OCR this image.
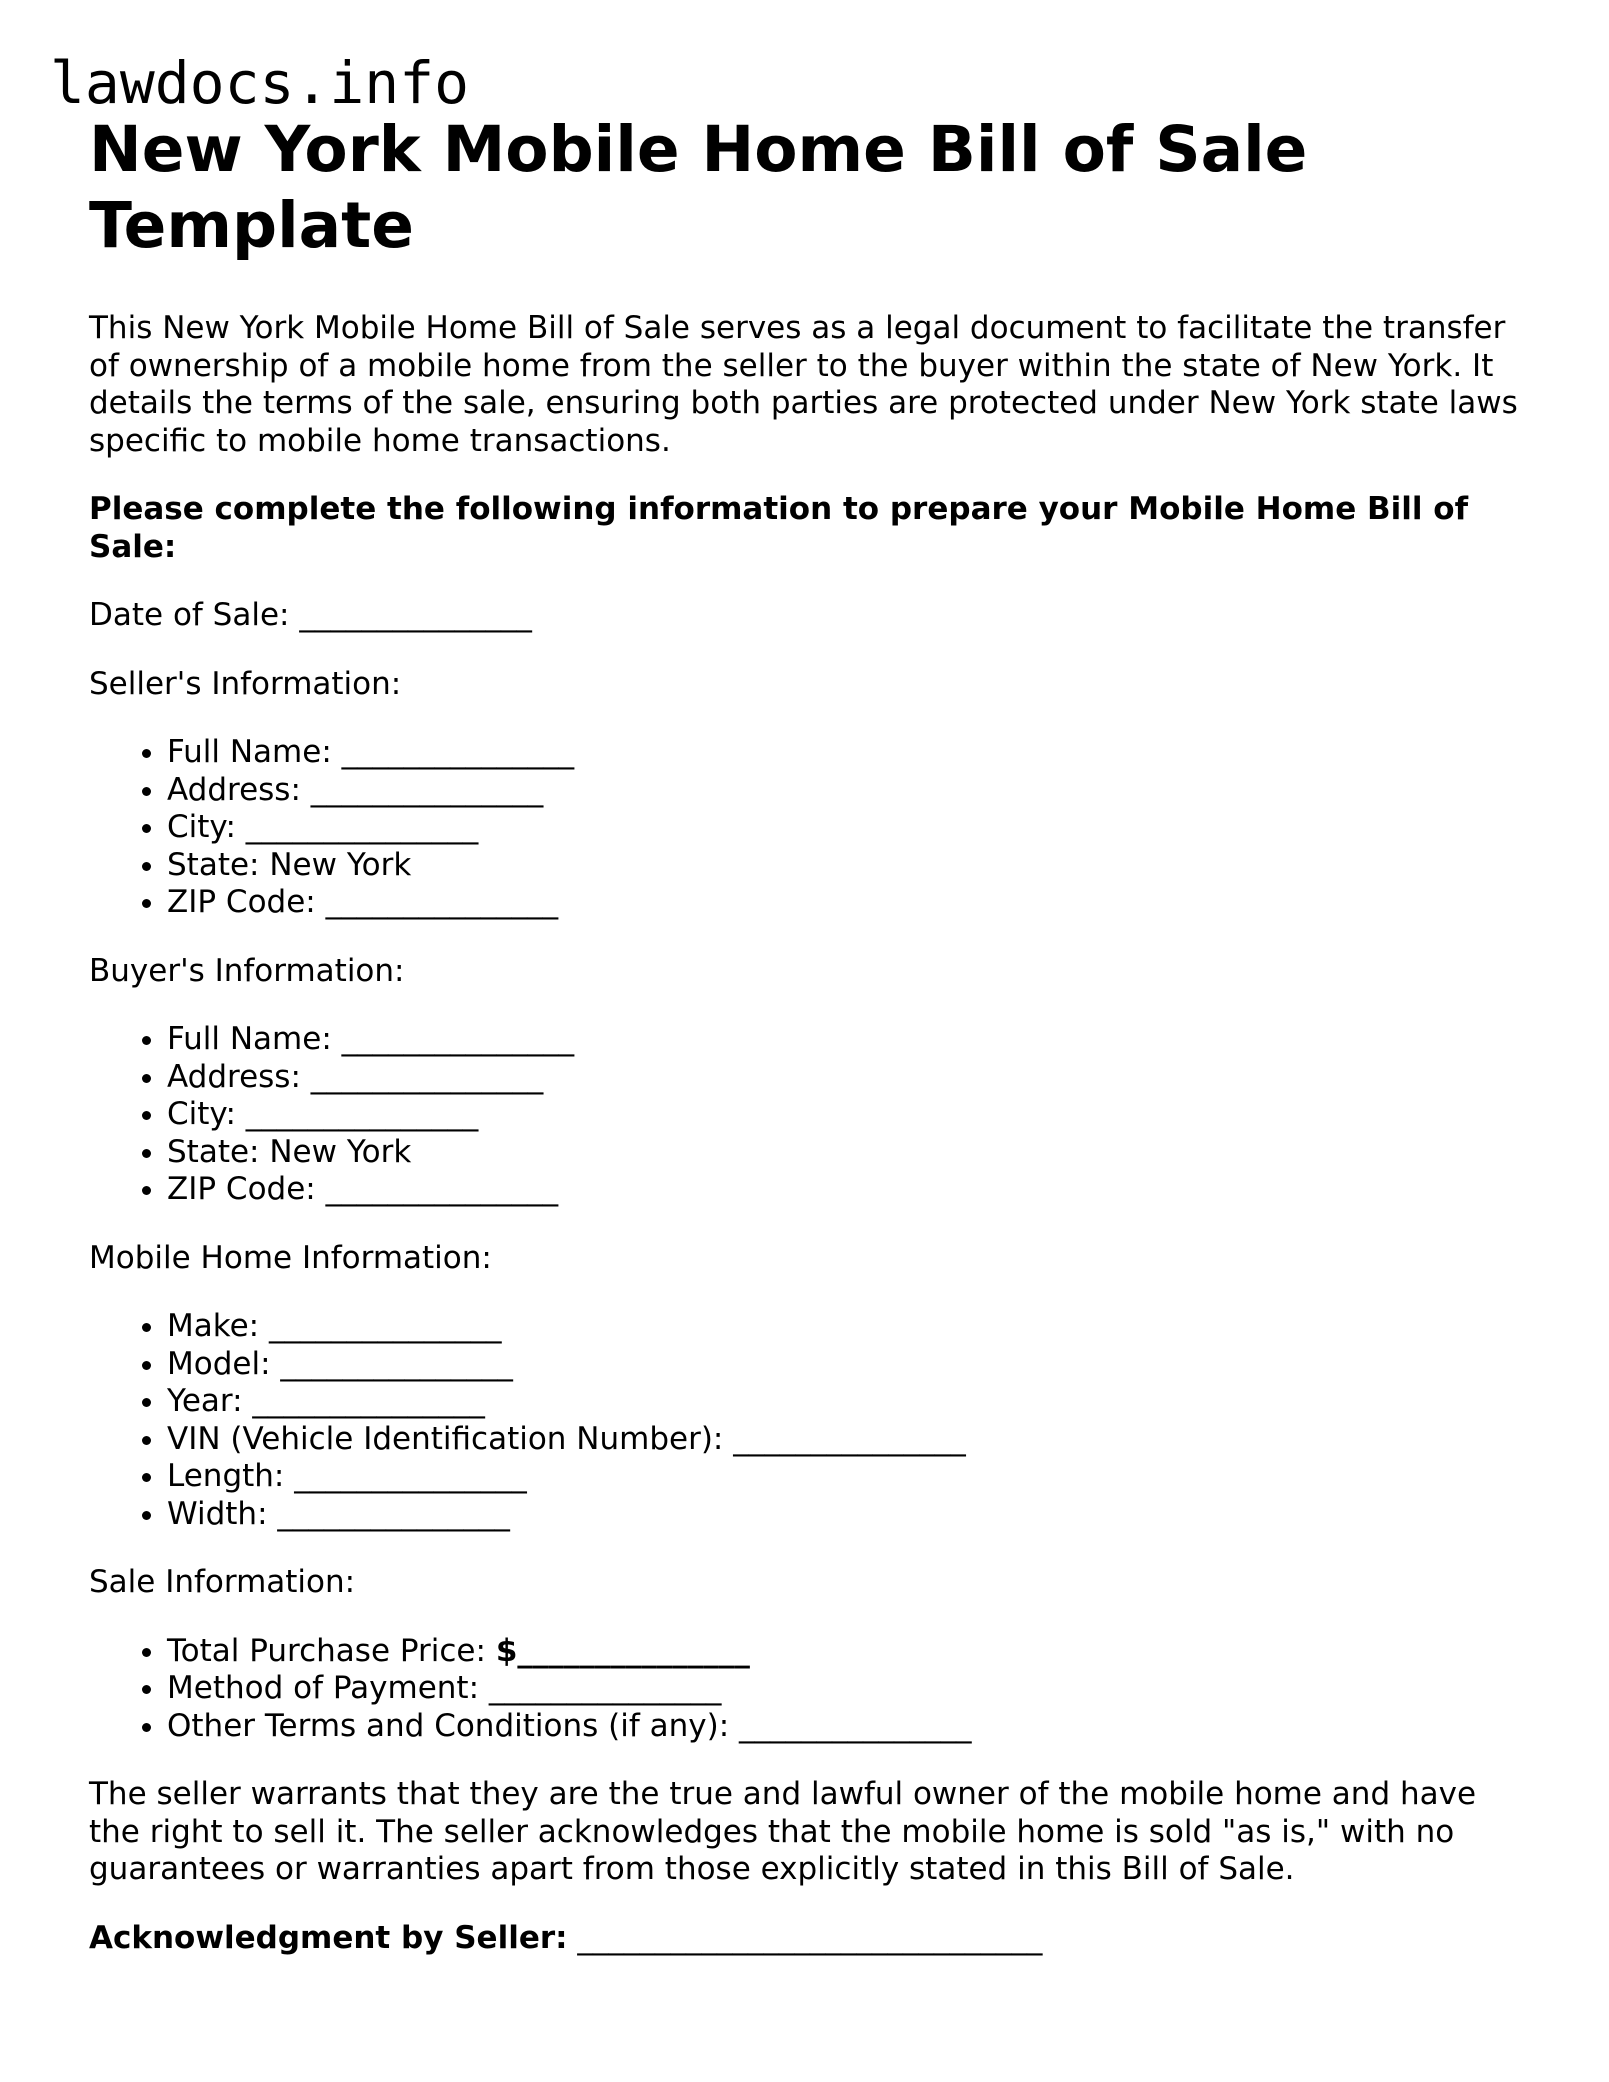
lawdocs.info
New York Mobile Home Bill of Sale Template

This New York Mobile Home Bill of Sale serves as a legal document to facilitate the transfer of ownership of a mobile home from the seller to the buyer within the state of New York. It details the terms of the sale, ensuring both parties are protected under New York state laws specific to mobile home transactions.

Please complete the following information to prepare your Mobile Home Bill of Sale:

Date of Sale: _______________

Seller's Information:

• Full Name: _______________
• Address: _______________
• City: _______________
• State: New York
• ZIP Code: _______________

Buyer's Information:

• Full Name: _______________
• Address: _______________
• City: _______________
• State: New York
• ZIP Code: _______________

Mobile Home Information:

• Make: _______________
• Model: _______________
• Year: _______________
• VIN (Vehicle Identification Number): _______________
• Length: _______________
• Width: _______________

Sale Information:

• Total Purchase Price: $_______________
• Method of Payment: _______________
• Other Terms and Conditions (if any): _______________

The seller warrants that they are the true and lawful owner of the mobile home and have the right to sell it. The seller acknowledges that the mobile home is sold "as is," with no guarantees or warranties apart from those explicitly stated in this Bill of Sale.

Acknowledgment by Seller: ______________________________
